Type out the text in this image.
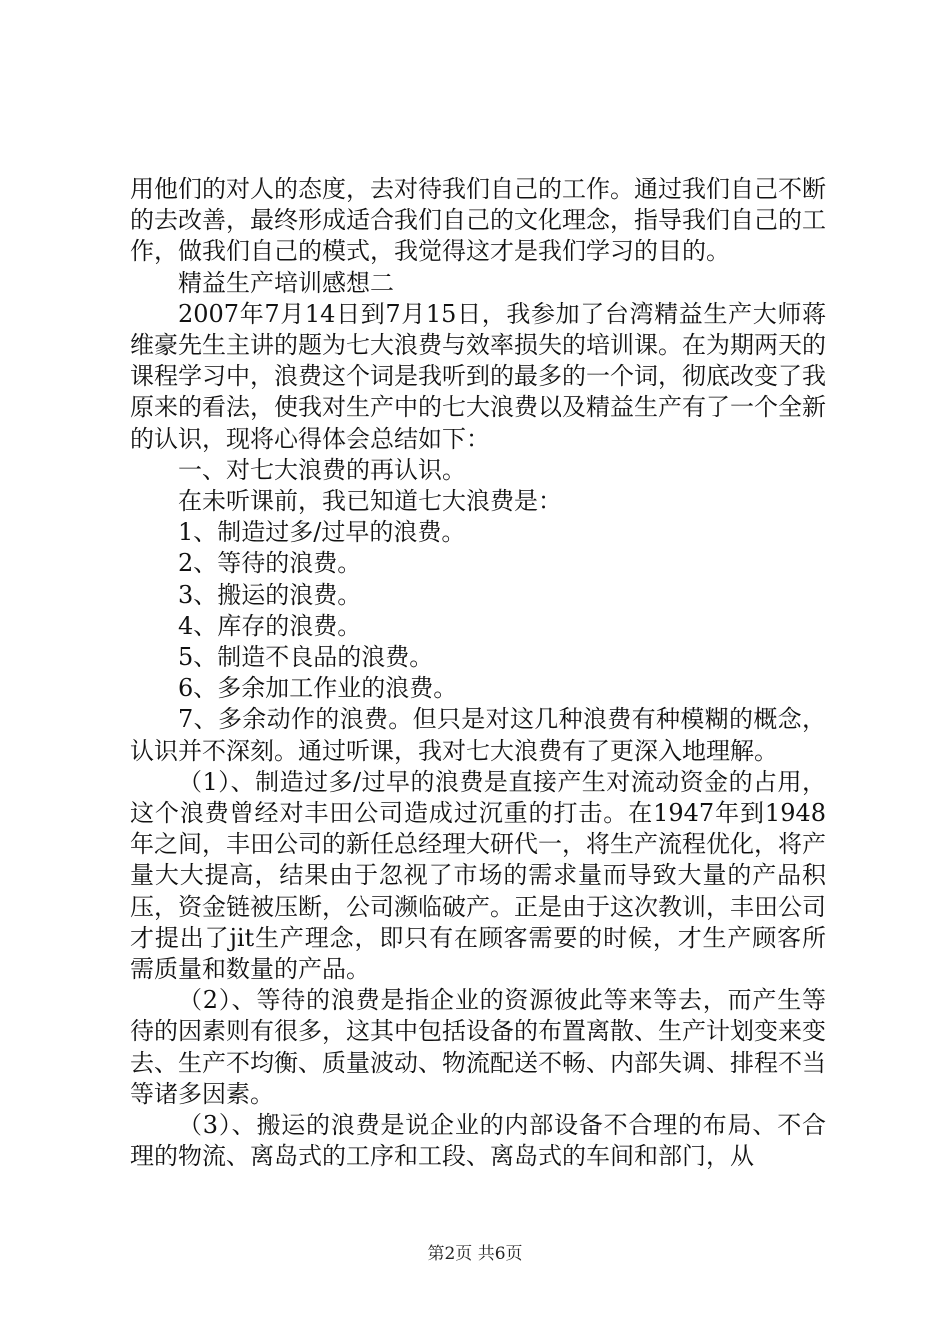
用他们的对人的态度，去对待我们自己的工作。通过我们自己不断的去改善，最终形成适合我们自己的文化理念，指导我们自己的工作，做我们自己的模式，我觉得这才是我们学习的目的。

精益生产培训感想二

2007年7月14日到7月15日，我参加了台湾精益生产大师蒋维豪先生主讲的题为七大浪费与效率损失的培训课。在为期两天的课程学习中，浪费这个词是我听到的最多的一个词，彻底改变了我原来的看法，使我对生产中的七大浪费以及精益生产有了一个全新的认识，现将心得体会总结如下：

一、对七大浪费的再认识。

在未听课前，我已知道七大浪费是：

1、制造过多/过早的浪费。

2、等待的浪费。

3、搬运的浪费。

4、库存的浪费。

5、制造不良品的浪费。

6、多余加工作业的浪费。

7、多余动作的浪费。但只是对这几种浪费有种模糊的概念，认识并不深刻。通过听课，我对七大浪费有了更深入地理解。

（1）、制造过多/过早的浪费是直接产生对流动资金的占用，这个浪费曾经对丰田公司造成过沉重的打击。在1947年到1948年之间，丰田公司的新任总经理大研代一，将生产流程优化，将产量大大提高，结果由于忽视了市场的需求量而导致大量的产品积压，资金链被压断，公司濒临破产。正是由于这次教训，丰田公司才提出了jit生产理念，即只有在顾客需要的时候，才生产顾客所需质量和数量的产品。

（2）、等待的浪费是指企业的资源彼此等来等去，而产生等待的因素则有很多，这其中包括设备的布置离散、生产计划变来变去、生产不均衡、质量波动、物流配送不畅、内部失调、排程不当等诸多因素。

（3）、搬运的浪费是说企业的内部设备不合理的布局、不合理的物流、离岛式的工序和工段、离岛式的车间和部门，从

第2页 共6页
